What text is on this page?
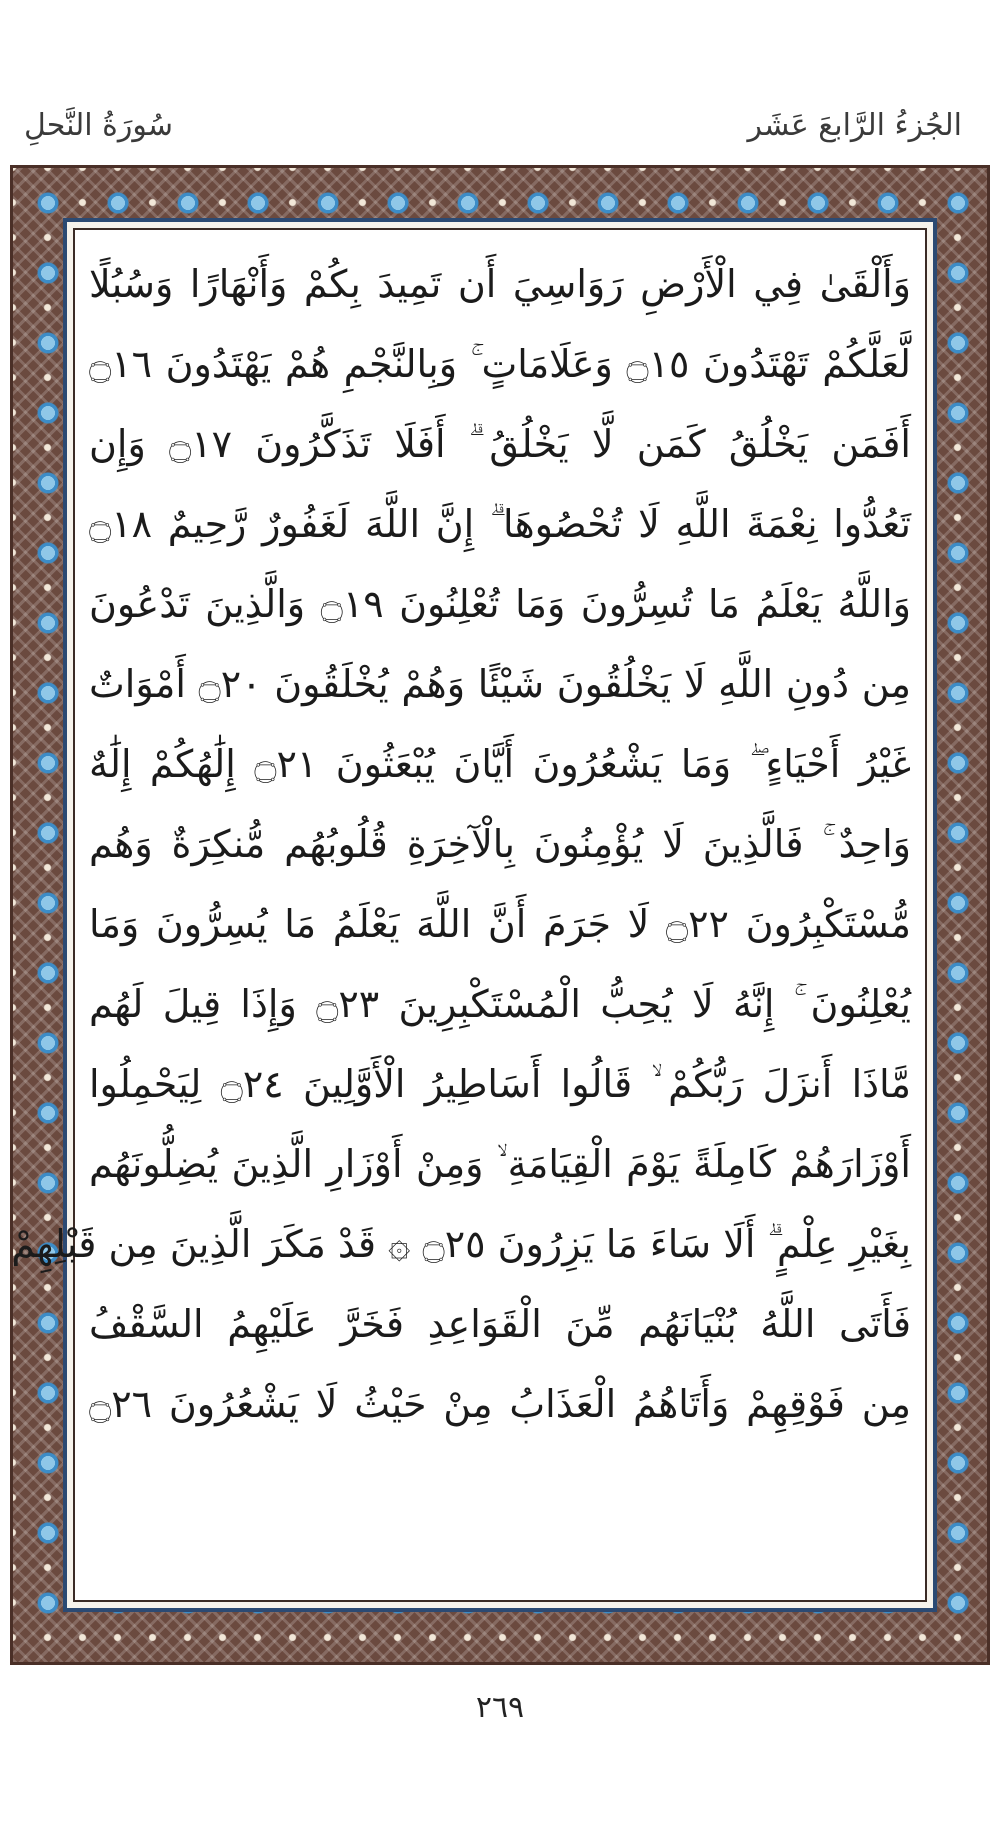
الجُزءُ الرَّابعَ عَشَر
سُورَةُ النَّحلِ
وَأَلْقَىٰ فِي الْأَرْضِ رَوَاسِيَ أَن تَمِيدَ بِكُمْ وَأَنْهَارًا وَسُبُلًا
لَّعَلَّكُمْ تَهْتَدُونَ ۝١٥ وَعَلَامَاتٍ ۚ وَبِالنَّجْمِ هُمْ يَهْتَدُونَ ۝١٦
أَفَمَن يَخْلُقُ كَمَن لَّا يَخْلُقُ ۗ أَفَلَا تَذَكَّرُونَ ۝١٧ وَإِن
تَعُدُّوا نِعْمَةَ اللَّهِ لَا تُحْصُوهَا ۗ إِنَّ اللَّهَ لَغَفُورٌ رَّحِيمٌ ۝١٨
وَاللَّهُ يَعْلَمُ مَا تُسِرُّونَ وَمَا تُعْلِنُونَ ۝١٩ وَالَّذِينَ تَدْعُونَ
مِن دُونِ اللَّهِ لَا يَخْلُقُونَ شَيْئًا وَهُمْ يُخْلَقُونَ ۝٢٠ أَمْوَاتٌ
غَيْرُ أَحْيَاءٍ ۖ وَمَا يَشْعُرُونَ أَيَّانَ يُبْعَثُونَ ۝٢١ إِلَٰهُكُمْ إِلَٰهٌ
وَاحِدٌ ۚ فَالَّذِينَ لَا يُؤْمِنُونَ بِالْآخِرَةِ قُلُوبُهُم مُّنكِرَةٌ وَهُم
مُّسْتَكْبِرُونَ ۝٢٢ لَا جَرَمَ أَنَّ اللَّهَ يَعْلَمُ مَا يُسِرُّونَ وَمَا
يُعْلِنُونَ ۚ إِنَّهُ لَا يُحِبُّ الْمُسْتَكْبِرِينَ ۝٢٣ وَإِذَا قِيلَ لَهُم
مَّاذَا أَنزَلَ رَبُّكُمْ ۙ قَالُوا أَسَاطِيرُ الْأَوَّلِينَ ۝٢٤ لِيَحْمِلُوا
أَوْزَارَهُمْ كَامِلَةً يَوْمَ الْقِيَامَةِ ۙ وَمِنْ أَوْزَارِ الَّذِينَ يُضِلُّونَهُم
بِغَيْرِ عِلْمٍ ۗ أَلَا سَاءَ مَا يَزِرُونَ ۝٢٥ ۞ قَدْ مَكَرَ الَّذِينَ مِن قَبْلِهِمْ
فَأَتَى اللَّهُ بُنْيَانَهُم مِّنَ الْقَوَاعِدِ فَخَرَّ عَلَيْهِمُ السَّقْفُ
مِن فَوْقِهِمْ وَأَتَاهُمُ الْعَذَابُ مِنْ حَيْثُ لَا يَشْعُرُونَ ۝٢٦
٢٦٩
